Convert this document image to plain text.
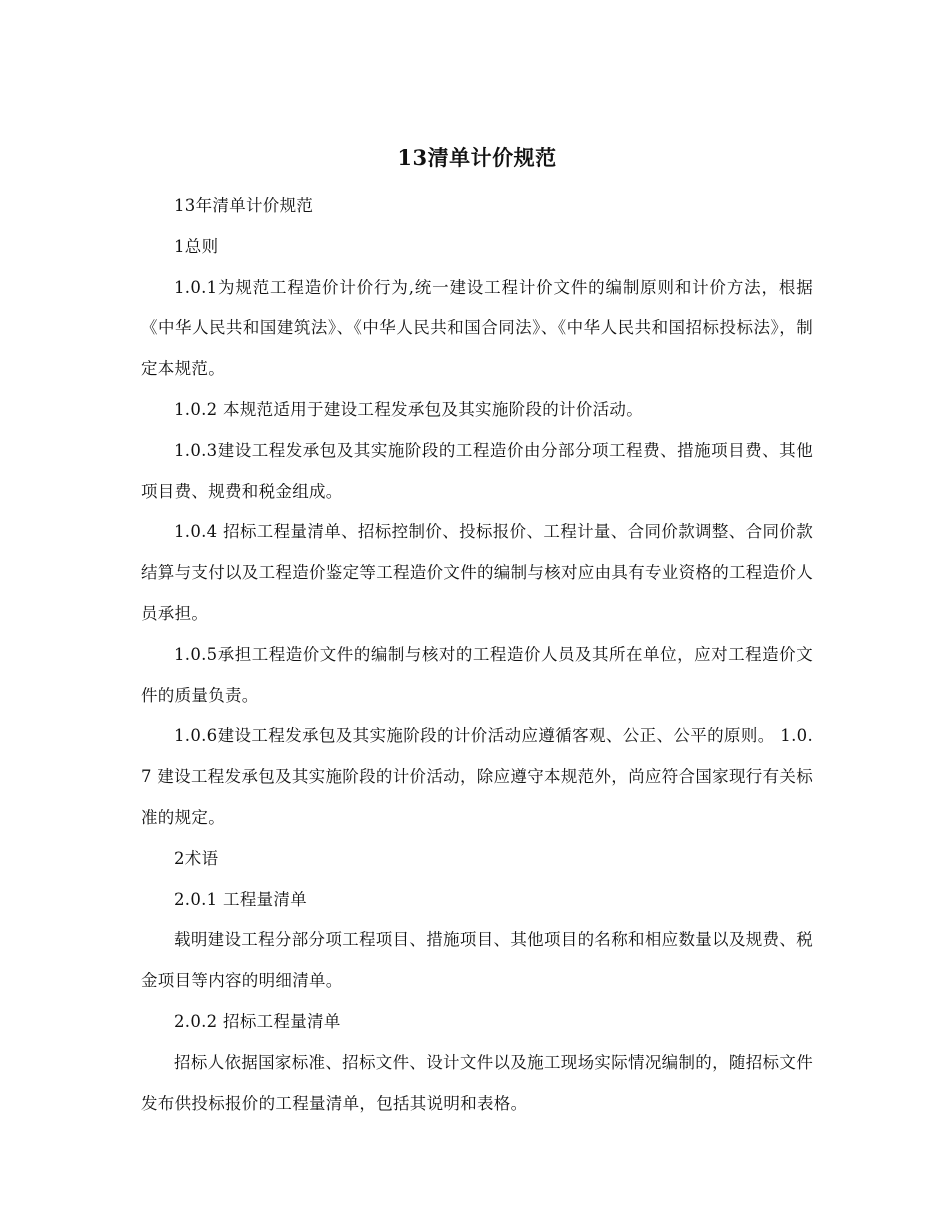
13清单计价规范

13年清单计价规范

1总则

1.0.1为规范工程造价计价行为,统一建设工程计价文件的编制原则和计价方法，根据《中华人民共和国建筑法》、《中华人民共和国合同法》、《中华人民共和国招标投标法》，制定本规范。

1.0.2 本规范适用于建设工程发承包及其实施阶段的计价活动。

1.0.3建设工程发承包及其实施阶段的工程造价由分部分项工程费、措施项目费、其他项目费、规费和税金组成。

1.0.4 招标工程量清单、招标控制价、投标报价、工程计量、合同价款调整、合同价款结算与支付以及工程造价鉴定等工程造价文件的编制与核对应由具有专业资格的工程造价人员承担。

1.0.5承担工程造价文件的编制与核对的工程造价人员及其所在单位，应对工程造价文件的质量负责。

1.0.6建设工程发承包及其实施阶段的计价活动应遵循客观、公正、公平的原则。 1.0.7 建设工程发承包及其实施阶段的计价活动，除应遵守本规范外，尚应符合国家现行有关标准的规定。

2术语

2.0.1 工程量清单

载明建设工程分部分项工程项目、措施项目、其他项目的名称和相应数量以及规费、税金项目等内容的明细清单。

2.0.2 招标工程量清单

招标人依据国家标准、招标文件、设计文件以及施工现场实际情况编制的，随招标文件发布供投标报价的工程量清单，包括其说明和表格。
